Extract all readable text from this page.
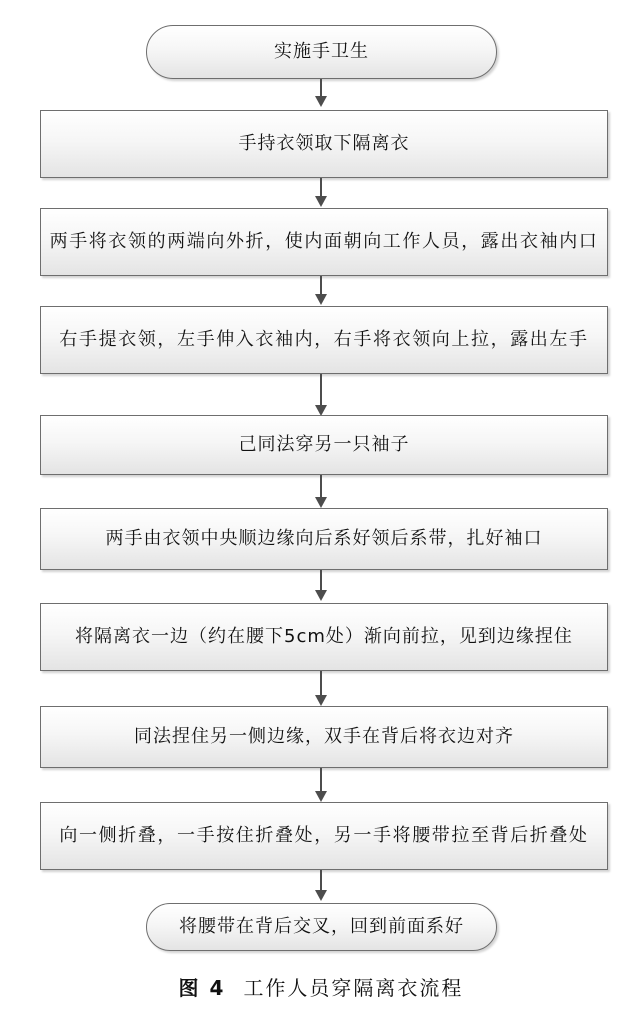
实施手卫生
手持衣领取下隔离衣
两手将衣领的两端向外折，使内面朝向工作人员，露出衣袖内口
右手提衣领，左手伸入衣袖内，右手将衣领向上拉，露出左手
己同法穿另一只袖子
两手由衣领中央顺边缘向后系好领后系带，扎好袖口
将隔离衣一边（约在腰下5cm处）渐向前拉，见到边缘捏住
同法捏住另一侧边缘，双手在背后将衣边对齐
向一侧折叠，一手按住折叠处，另一手将腰带拉至背后折叠处
将腰带在背后交叉，回到前面系好
图 4 工作人员穿隔离衣流程
